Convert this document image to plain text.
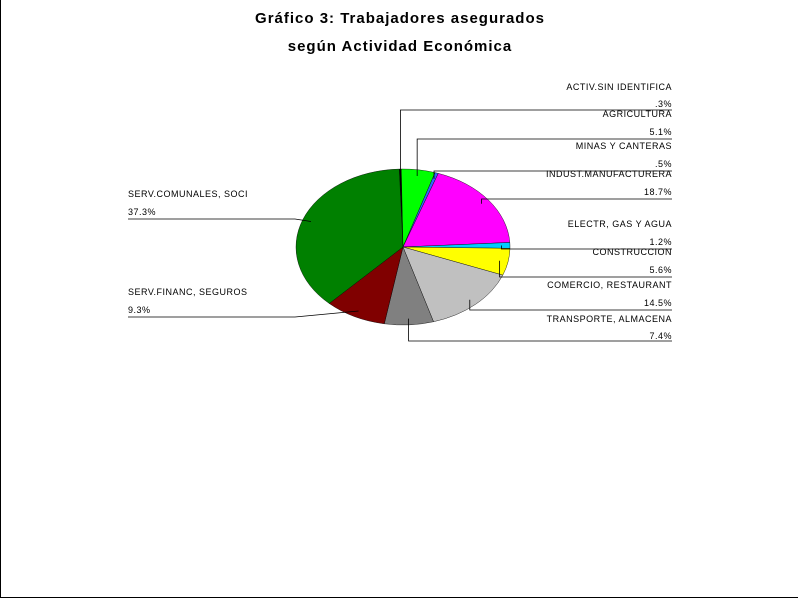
Gráfico 3: Trabajadores asegurados
según Actividad Económica
ACTIV.SIN IDENTIFICA
.3%
AGRICULTURA
5.1%
MINAS Y CANTERAS
.5%
INDUST.MANUFACTURERA
18.7%
ELECTR, GAS Y AGUA
1.2%
CONSTRUCCION
5.6%
COMERCIO, RESTAURANT
14.5%
TRANSPORTE, ALMACENA
7.4%
SERV.FINANC, SEGUROS
9.3%
SERV.COMUNALES, SOCI
37.3%
